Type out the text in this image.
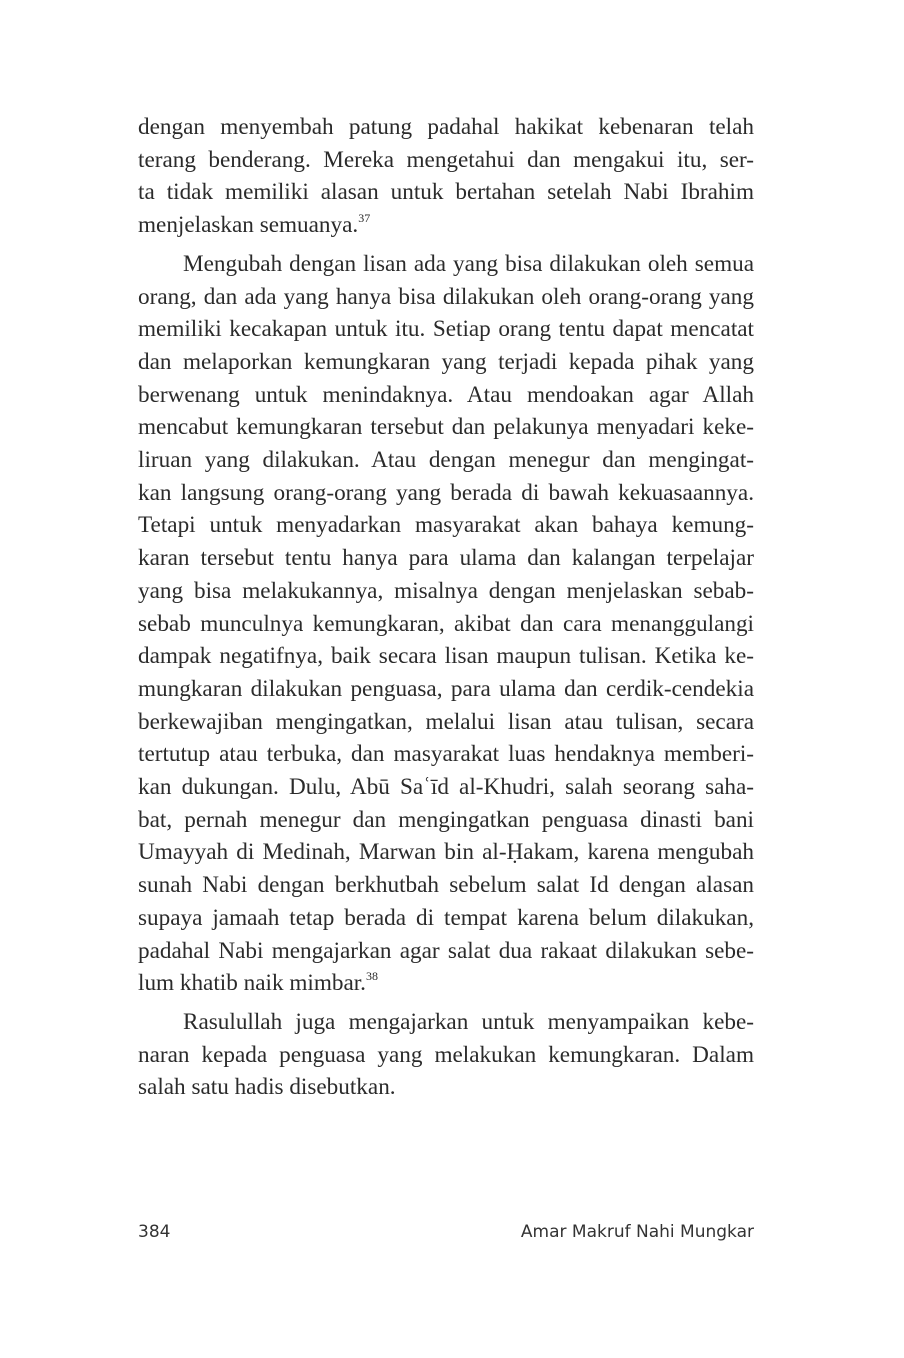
dengan menyembah patung padahal hakikat kebenaran telah
terang benderang. Mereka mengetahui dan mengakui itu, ser-
ta tidak memiliki alasan untuk bertahan setelah Nabi Ibrahim
menjelaskan semuanya.$^{37}$

Mengubah dengan lisan ada yang bisa dilakukan oleh semua
orang, dan ada yang hanya bisa dilakukan oleh orang-orang yang
memiliki kecakapan untuk itu. Setiap orang tentu dapat mencatat
dan melaporkan kemungkaran yang terjadi kepada pihak yang
berwenang untuk menindaknya. Atau mendoakan agar Allah
mencabut kemungkaran tersebut dan pelakunya menyadari keke-
liruan yang dilakukan. Atau dengan menegur dan mengingat-
kan langsung orang-orang yang berada di bawah kekuasaannya.
Tetapi untuk menyadarkan masyarakat akan bahaya kemung-
karan tersebut tentu hanya para ulama dan kalangan terpelajar
yang bisa melakukannya, misalnya dengan menjelaskan sebab-
sebab munculnya kemungkaran, akibat dan cara menanggulangi
dampak negatifnya, baik secara lisan maupun tulisan. Ketika ke-
mungkaran dilakukan penguasa, para ulama dan cerdik-cendekia
berkewajiban mengingatkan, melalui lisan atau tulisan, secara
tertutup atau terbuka, dan masyarakat luas hendaknya memberi-
kan dukungan. Dulu, Abū Saʿīd al-Khudri, salah seorang saha-
bat, pernah menegur dan mengingatkan penguasa dinasti bani
Umayyah di Medinah, Marwan bin al-Ḥakam, karena mengubah
sunah Nabi dengan berkhutbah sebelum salat Id dengan alasan
supaya jamaah tetap berada di tempat karena belum dilakukan,
padahal Nabi mengajarkan agar salat dua rakaat dilakukan sebe-
lum khatib naik mimbar.$^{38}$

Rasulullah juga mengajarkan untuk menyampaikan kebe-
naran kepada penguasa yang melakukan kemungkaran. Dalam
salah satu hadis disebutkan.

384	Amar Makruf Nahi Mungkar
